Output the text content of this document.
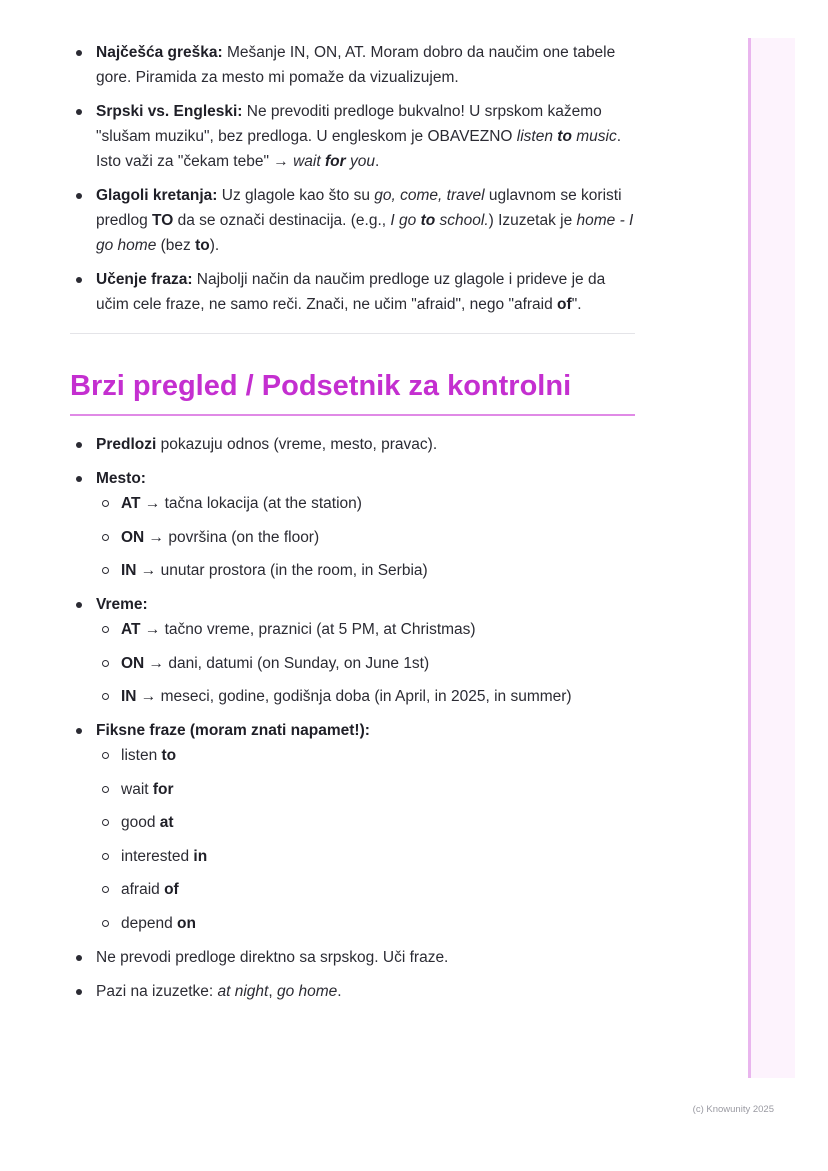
Najčešća greška: Mešanje IN, ON, AT. Moram dobro da naučim one tabele gore. Piramida za mesto mi pomaže da vizualizujem.
Srpski vs. Engleski: Ne prevoditi predloge bukvalno! U srpskom kažemo "slušam muziku", bez predloga. U engleskom je OBAVEZNO listen to music. Isto važi za "čekam tebe" → wait for you.
Glagoli kretanja: Uz glagole kao što su go, come, travel uglavnom se koristi predlog TO da se označi destinacija. (e.g., I go to school.) Izuzetak je home - I go home (bez to).
Učenje fraza: Najbolji način da naučim predloge uz glagole i prideve je da učim cele fraze, ne samo reči. Znači, ne učim "afraid", nego "afraid of".
Brzi pregled / Podsetnik za kontrolni
Predlozi pokazuju odnos (vreme, mesto, pravac).
Mesto:
AT → tačna lokacija (at the station)
ON → površina (on the floor)
IN → unutar prostora (in the room, in Serbia)
Vreme:
AT → tačno vreme, praznici (at 5 PM, at Christmas)
ON → dani, datumi (on Sunday, on June 1st)
IN → meseci, godine, godišnja doba (in April, in 2025, in summer)
Fiksne fraze (moram znati napamet!):
listen to
wait for
good at
interested in
afraid of
depend on
Ne prevodi predloge direktno sa srpskog. Uči fraze.
Pazi na izuzetke: at night, go home.
(c) Knowunity 2025
